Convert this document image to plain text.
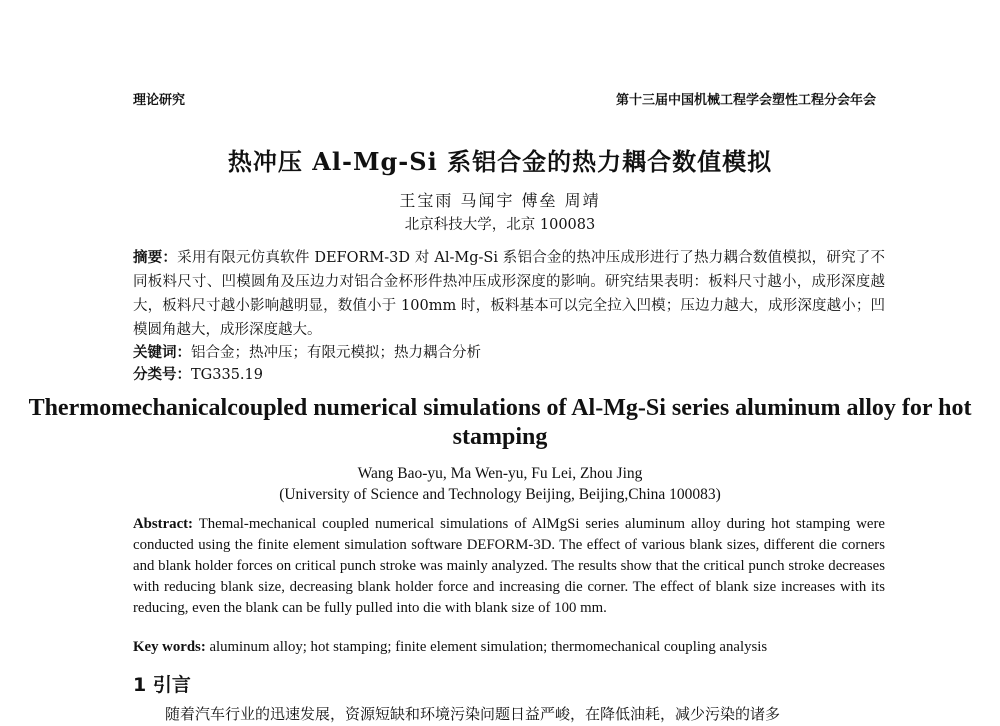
理论研究	第十三届中国机械工程学会塑性工程分会年会
热冲压 Al-Mg-Si 系铝合金的热力耦合数值模拟
王宝雨 马闻宇 傅垒 周靖
北京科技大学，北京 100083
摘要：采用有限元仿真软件 DEFORM-3D 对 Al-Mg-Si 系铝合金的热冲压成形进行了热力耦合数值模拟，研究了不同板料尺寸、凹模圆角及压边力对铝合金杯形件热冲压成形深度的影响。研究结果表明：板料尺寸越小，成形深度越大，板料尺寸越小影响越明显，数值小于 100mm 时，板料基本可以完全拉入凹模；压边力越大，成形深度越小；凹模圆角越大，成形深度越大。
关键词：铝合金；热冲压；有限元模拟；热力耦合分析
分类号：TG335.19
Thermomechanicalcoupled numerical simulations of Al-Mg-Si series aluminum alloy for hot stamping
Wang Bao-yu, Ma Wen-yu, Fu Lei, Zhou Jing
(University of Science and Technology Beijing, Beijing,China 100083)
Abstract: Themal-mechanical coupled numerical simulations of AlMgSi series aluminum alloy during hot stamping were conducted using the finite element simulation software DEFORM-3D. The effect of various blank sizes, different die corners and blank holder forces on critical punch stroke was mainly analyzed. The results show that the critical punch stroke decreases with reducing blank size, decreasing blank holder force and increasing die corner. The effect of blank size increases with its reducing, even the blank can be fully pulled into die with blank size of 100 mm.
Key words: aluminum alloy; hot stamping; finite element simulation; thermomechanical coupling analysis
1 引言
随着汽车行业的迅速发展，资源短缺和环境污染问题日益严峻，在降低油耗，减少污染的诸多
